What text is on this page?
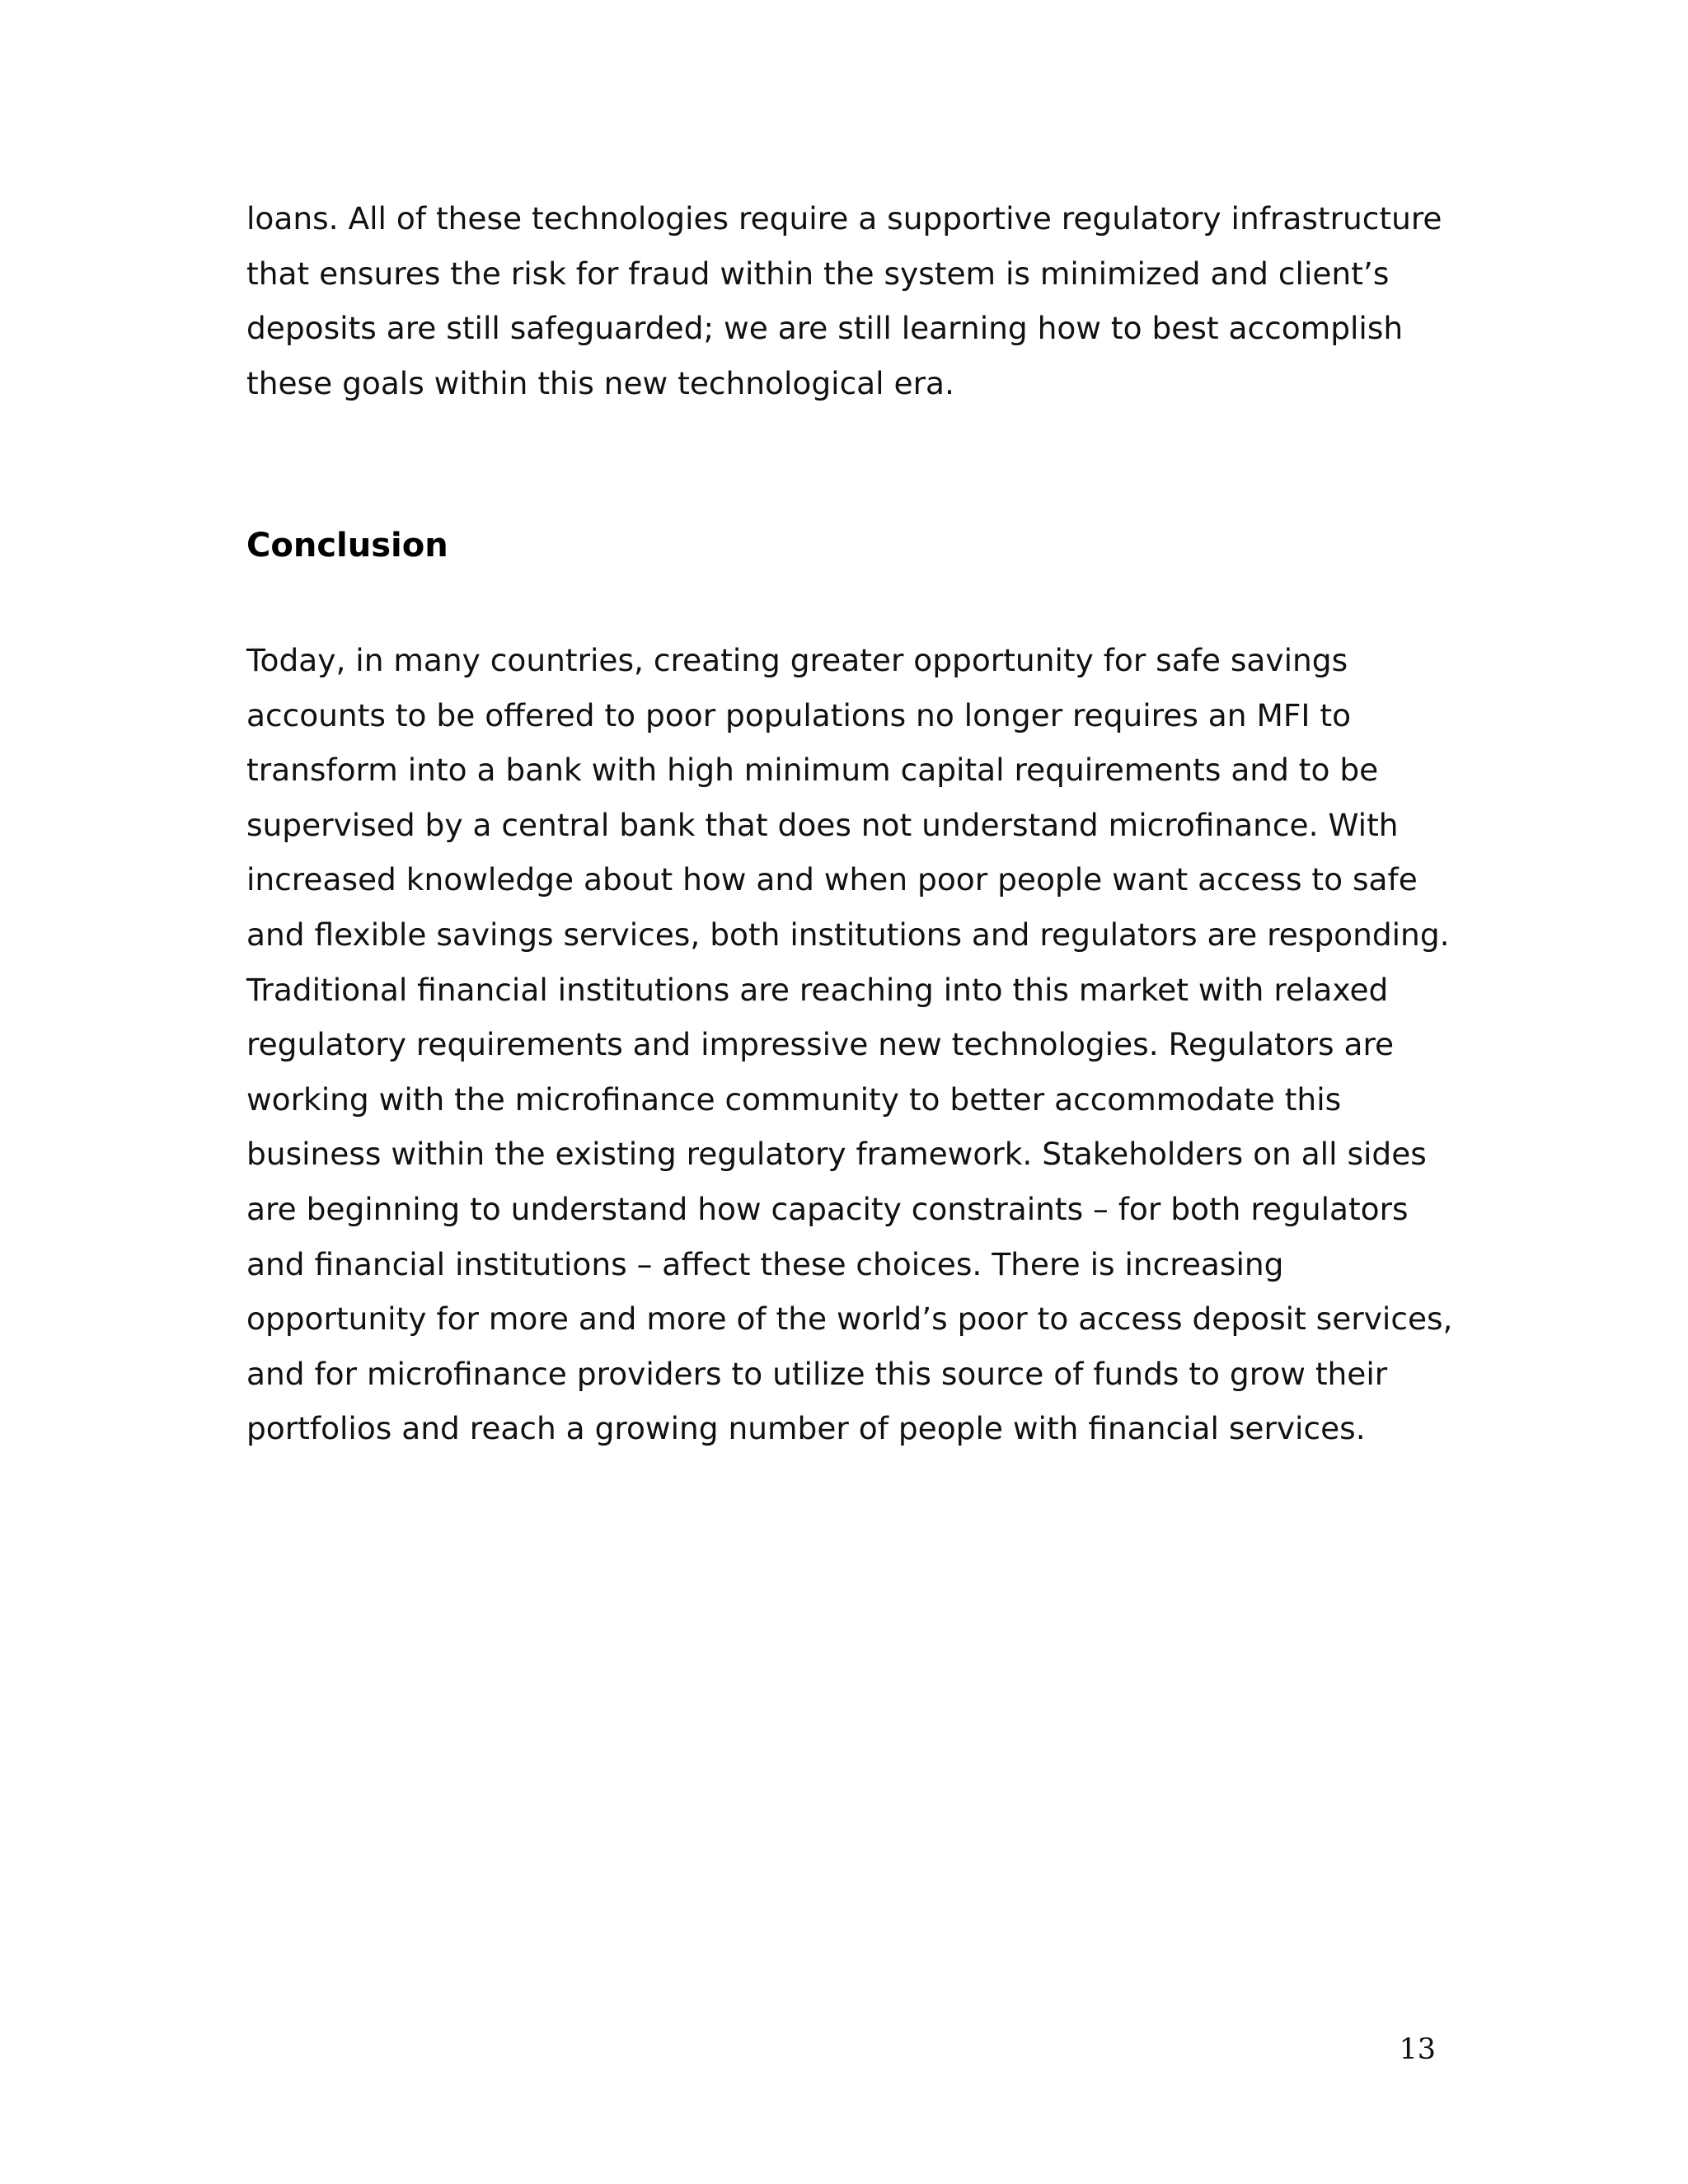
loans. All of these technologies require a supportive regulatory infrastructure
that ensures the risk for fraud within the system is minimized and client’s
deposits are still safeguarded; we are still learning how to best accomplish
these goals within this new technological era.

Conclusion

Today, in many countries, creating greater opportunity for safe savings
accounts to be offered to poor populations no longer requires an MFI to
transform into a bank with high minimum capital requirements and to be
supervised by a central bank that does not understand microfinance. With
increased knowledge about how and when poor people want access to safe
and flexible savings services, both institutions and regulators are responding.
Traditional financial institutions are reaching into this market with relaxed
regulatory requirements and impressive new technologies. Regulators are
working with the microfinance community to better accommodate this
business within the existing regulatory framework. Stakeholders on all sides
are beginning to understand how capacity constraints – for both regulators
and financial institutions – affect these choices. There is increasing
opportunity for more and more of the world’s poor to access deposit services,
and for microfinance providers to utilize this source of funds to grow their
portfolios and reach a growing number of people with financial services.

13
